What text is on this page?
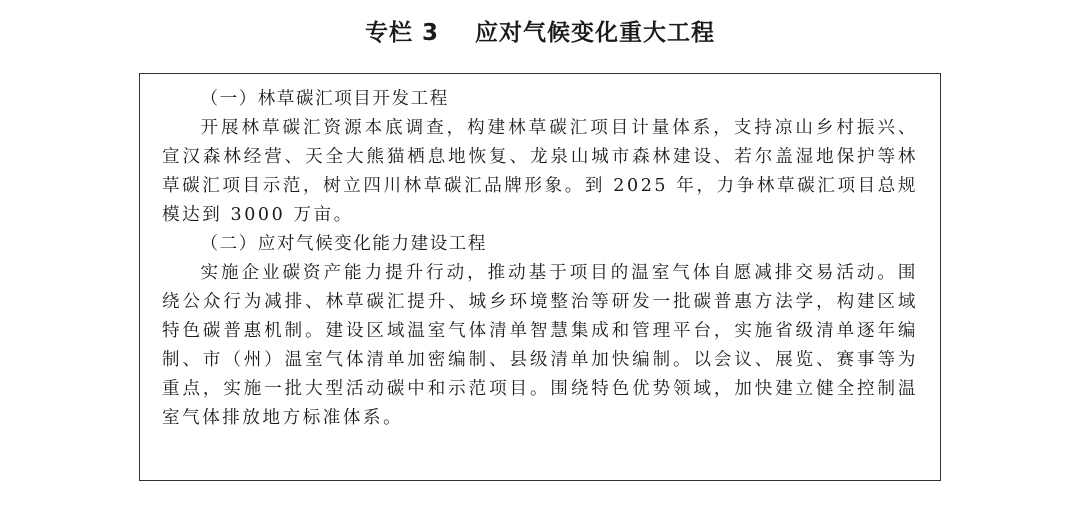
专栏 3    应对气候变化重大工程

（一）林草碳汇项目开发工程

开展林草碳汇资源本底调查，构建林草碳汇项目计量体系，支持凉山乡村振兴、宣汉森林经营、天全大熊猫栖息地恢复、龙泉山城市森林建设、若尔盖湿地保护等林草碳汇项目示范，树立四川林草碳汇品牌形象。到 2025 年，力争林草碳汇项目总规模达到 3000 万亩。

（二）应对气候变化能力建设工程

实施企业碳资产能力提升行动，推动基于项目的温室气体自愿减排交易活动。围绕公众行为减排、林草碳汇提升、城乡环境整治等研发一批碳普惠方法学，构建区域特色碳普惠机制。建设区域温室气体清单智慧集成和管理平台，实施省级清单逐年编制、市（州）温室气体清单加密编制、县级清单加快编制。以会议、展览、赛事等为重点，实施一批大型活动碳中和示范项目。围绕特色优势领域，加快建立健全控制温室气体排放地方标准体系。
